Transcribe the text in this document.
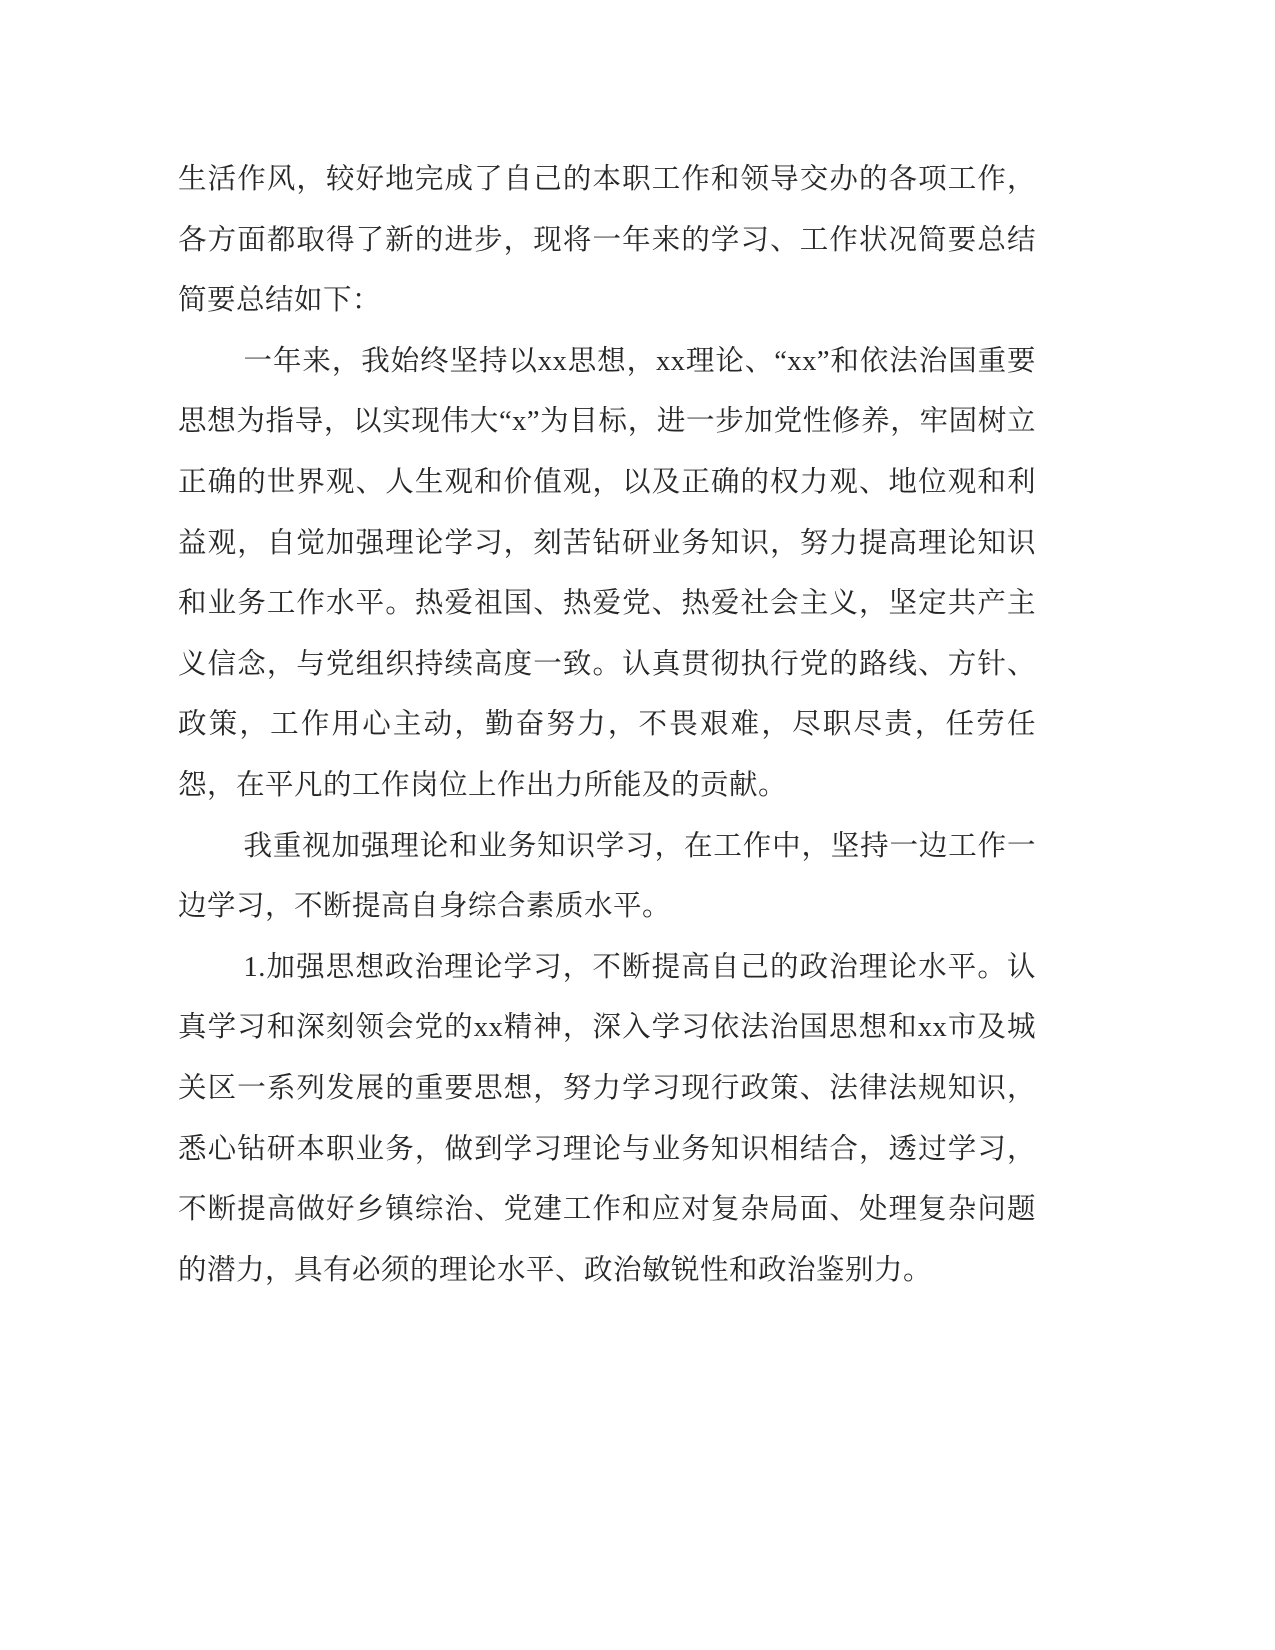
生活作风，较好地完成了自己的本职工作和领导交办的各项工作，各方面都取得了新的进步，现将一年来的学习、工作状况简要总结简要总结如下：

一年来，我始终坚持以xx思想，xx理论、“xx”和依法治国重要思想为指导，以实现伟大“x”为目标，进一步加党性修养，牢固树立正确的世界观、人生观和价值观，以及正确的权力观、地位观和利益观，自觉加强理论学习，刻苦钻研业务知识，努力提高理论知识和业务工作水平。热爱祖国、热爱党、热爱社会主义，坚定共产主义信念，与党组织持续高度一致。认真贯彻执行党的路线、方针、政策，工作用心主动，勤奋努力，不畏艰难，尽职尽责，任劳任怨，在平凡的工作岗位上作出力所能及的贡献。

我重视加强理论和业务知识学习，在工作中，坚持一边工作一边学习，不断提高自身综合素质水平。

1.加强思想政治理论学习，不断提高自己的政治理论水平。认真学习和深刻领会党的xx精神，深入学习依法治国思想和xx市及城关区一系列发展的重要思想，努力学习现行政策、法律法规知识，悉心钻研本职业务，做到学习理论与业务知识相结合，透过学习，不断提高做好乡镇综治、党建工作和应对复杂局面、处理复杂问题的潜力，具有必须的理论水平、政治敏锐性和政治鉴别力。
